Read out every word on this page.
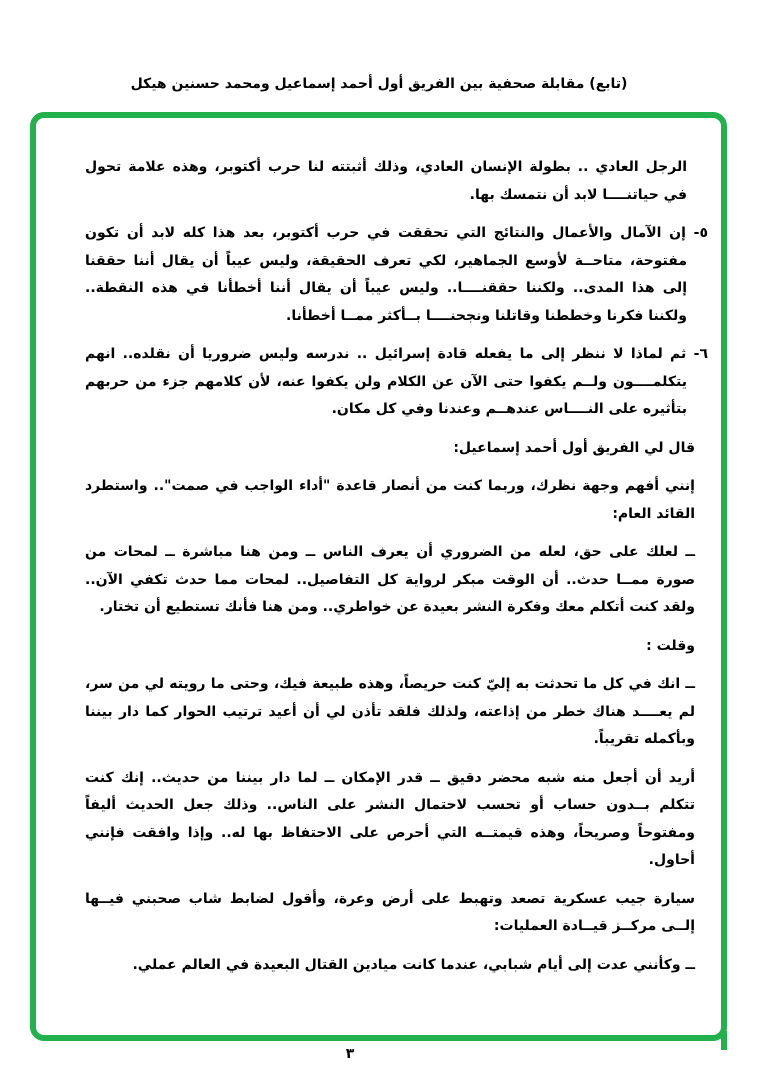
(تابع) مقابلة صحفية بين الفريق أول أحمد إسماعيل ومحمد حسنين هيكل

الرجل العادي .. بطولة الإنسان العادي، وذلك أثبتته لنا حرب أكتوبر، وهذه علامة تحول في حياتنــــا لابد أن نتمسك بها.

٥- إن الآمال والأعمال والنتائج التي تحققت في حرب أكتوبر، بعد هذا كله لابد أن تكون مفتوحة، متاحــة لأوسع الجماهير، لكي تعرف الحقيقة، وليس عيباً أن يقال أننا حققنا إلى هذا المدى.. ولكننا حققنــــا.. وليس عيباً أن يقال أننا أخطأنا في هذه النقطة.. ولكننا فكرنا وخططنا وقاتلنا ونجحنــــا بــأكثر ممــا أخطأنا.

٦- ثم لماذا لا ننظر إلى ما يفعله قادة إسرائيل .. ندرسه وليس ضروريا أن نقلده.. انهم يتكلمــــون ولــم يكفوا حتى الآن عن الكلام ولن يكفوا عنه، لأن كلامهم جزء من حربهم بتأثيره على النــــاس عندهــم وعندنا وفي كل مكان.

قال لي الفريق أول أحمد إسماعيل:

إنني أفهم وجهة نظرك، وربما كنت من أنصار قاعدة "أداء الواجب في صمت".. واستطرد القائد العام:

ــ لعلك على حق، لعله من الضروري أن يعرف الناس ــ ومن هنا مباشرة ــ لمحات من صورة ممــا حدث.. أن الوقت مبكر لرواية كل التفاصيل.. لمحات مما حدث تكفي الآن.. ولقد كنت أتكلم معك وفكرة النشر بعيدة عن خواطري.. ومن هنا فأنك تستطيع أن تختار.

وقلت :

ــ انك في كل ما تحدثت به إليّ كنت حريصاً، وهذه طبيعة فيك، وحتى ما رويته لي من سر، لم يعــــد هناك خطر من إذاعته، ولذلك فلقد تأذن لي أن أعيد ترتيب الحوار كما دار بيننا وبأكمله تقريباً.

أريد أن أجعل منه شبه محضر دقيق ــ قدر الإمكان ــ لما دار بيننا من حديث.. إنك كنت تتكلم بــدون حساب أو تحسب لاحتمال النشر على الناس.. وذلك جعل الحديث أليفاً ومفتوحاً وصريحاً، وهذه قيمتــه التي أحرص على الاحتفاظ بها له.. وإذا وافقت فإنني أحاول.

سيارة جيب عسكرية تصعد وتهبط على أرض وعرة، وأقول لضابط شاب صحبني فيــها إلــى مركــز قيــادة العمليات:

ــ وكأنني عدت إلى أيام شبابي، عندما كانت ميادين القتال البعيدة في العالم عملي.

٣
